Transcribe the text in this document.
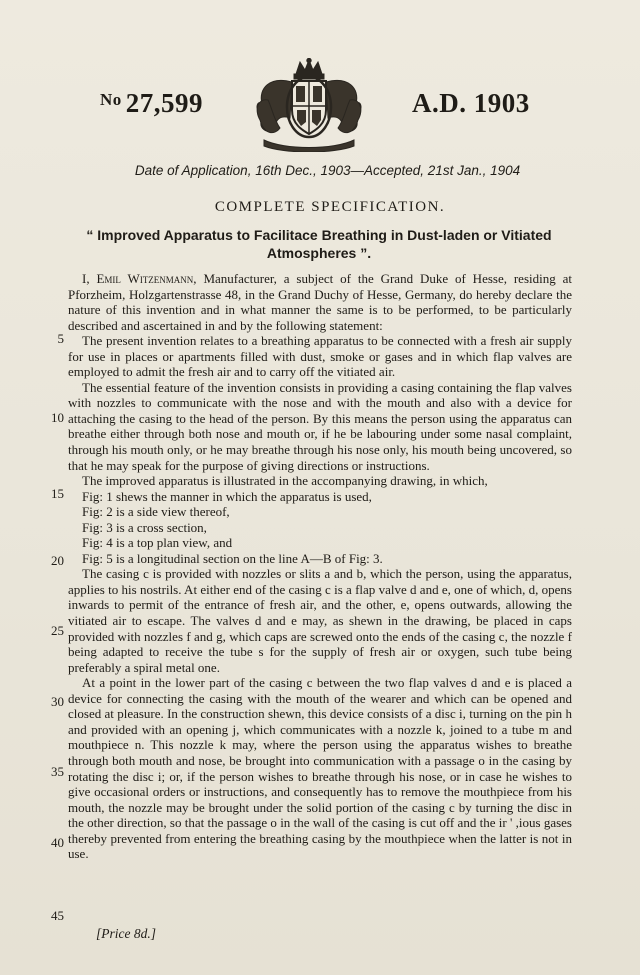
$^{No}$ 27,599	A.D. 1903
Date of Application, 16th Dec., 1903—Accepted, 21st Jan., 1904
COMPLETE SPECIFICATION.
“ Improved Apparatus to Facilitace Breathing in Dust-laden or Vitiated Atmospheres ”.

I, Emil Witzenmann, Manufacturer, a subject of the Grand Duke of Hesse, residing at Pforzheim, Holzgartenstrasse 48, in the Grand Duchy of Hesse, Germany, do hereby declare the nature of this invention and in what manner the same is to be performed, to be particularly described and ascertained in and by the following statement:

The present invention relates to a breathing apparatus to be connected with a fresh air supply for use in places or apartments filled with dust, smoke or gases and in which flap valves are employed to admit the fresh air and to carry off the vitiated air.

The essential feature of the invention consists in providing a casing containing the flap valves with nozzles to communicate with the nose and with the mouth and also with a device for attaching the casing to the head of the person. By this means the person using the apparatus can breathe either through both nose and mouth or, if he be labouring under some nasal complaint, through his mouth only, or he may breathe through his nose only, his mouth being uncovered, so that he may speak for the purpose of giving directions or instructions.

The improved apparatus is illustrated in the accompanying drawing, in which,

Fig: 1 shews the manner in which the apparatus is used,

Fig: 2 is a side view thereof,

Fig: 3 is a cross section,

Fig: 4 is a top plan view, and

Fig: 5 is a longitudinal section on the line A—B of Fig: 3.

The casing c is provided with nozzles or slits a and b, which the person, using the apparatus, applies to his nostrils. At either end of the casing c is a flap valve d and e, one of which, d, opens inwards to permit of the entrance of fresh air, and the other, e, opens outwards, allowing the vitiated air to escape. The valves d and e may, as shewn in the drawing, be placed in caps provided with nozzles f and g, which caps are screwed onto the ends of the casing c, the nozzle f being adapted to receive the tube s for the supply of fresh air or oxygen, such tube being preferably a spiral metal one.

At a point in the lower part of the casing c between the two flap valves d and e is placed a device for connecting the casing with the mouth of the wearer and which can be opened and closed at pleasure. In the construction shewn, this device consists of a disc i, turning on the pin h and provided with an opening j, which communicates with a nozzle k, joined to a tube m and mouthpiece n. This nozzle k may, where the person using the apparatus wishes to breathe through both mouth and nose, be brought into communication with a passage o in the casing by rotating the disc i; or, if the person wishes to breathe through his nose, or in case he wishes to give occasional orders or instructions, and consequently has to remove the mouthpiece from his mouth, the nozzle may be brought under the solid portion of the casing c by turning the disc in the other direction, so that the passage o in the wall of the casing is cut off and the ir ' ,ious gases thereby prevented from entering the breathing casing by the mouthpiece when the latter is not in use.

5
10
15
20
25
30
35
40
45
[Price 8d.]
